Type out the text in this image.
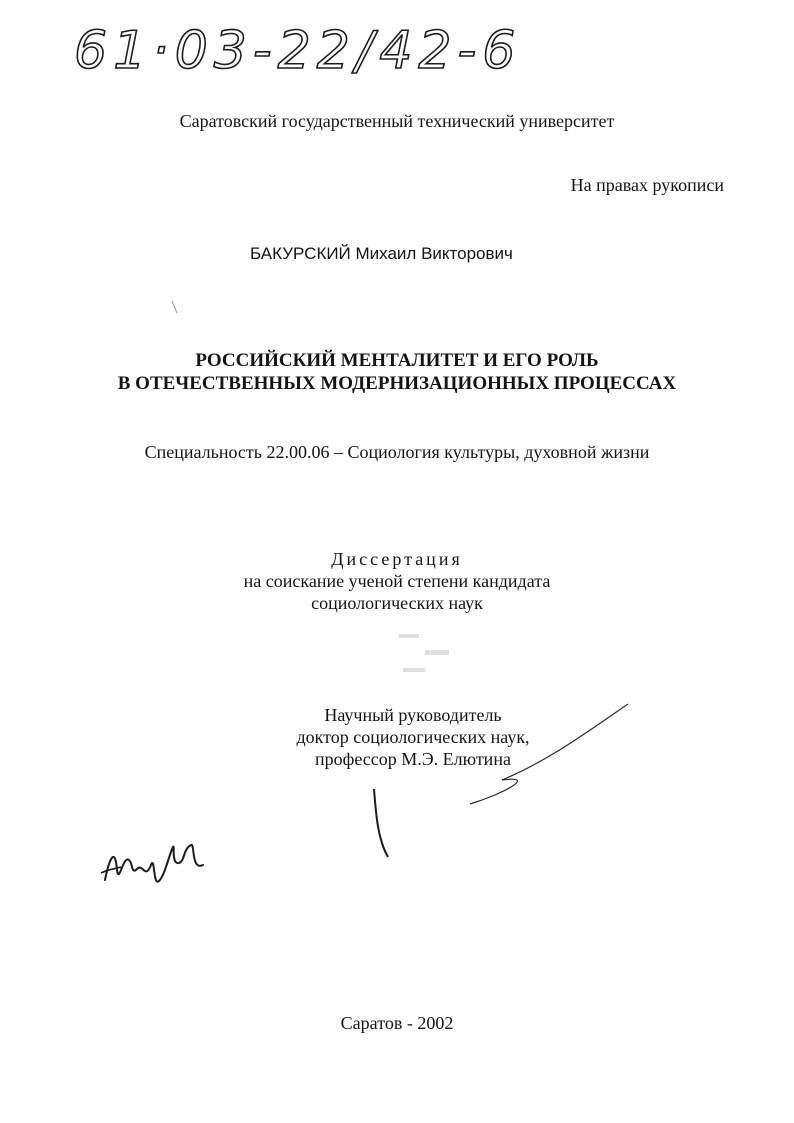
61·03-22/42-6
Саратовский государственный технический университет
На правах рукописи
БАКУРСКИЙ Михаил Викторович
РОССИЙСКИЙ МЕНТАЛИТЕТ И ЕГО РОЛЬ
В ОТЕЧЕСТВЕННЫХ МОДЕРНИЗАЦИОННЫХ ПРОЦЕССАХ
Специальность 22.00.06 – Социология культуры, духовной жизни
Диссертация
на соискание ученой степени кандидата
социологических наук
Научный руководитель
доктор социологических наук,
профессор М.Э. Елютина
Саратов - 2002
